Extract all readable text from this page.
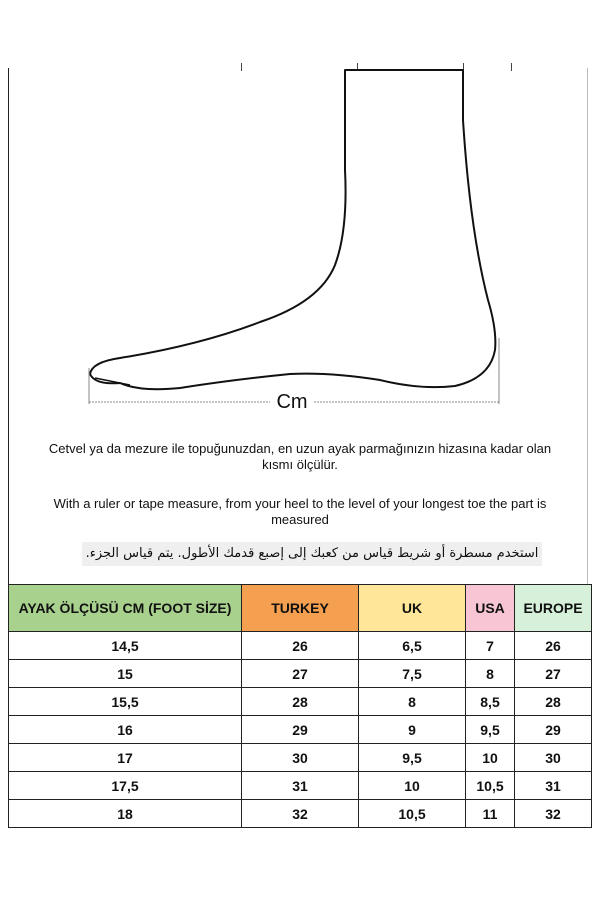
Cm
Cetvel ya da mezure ile topuğunuzdan, en uzun ayak parmağınızın hizasına kadar olan kısmı ölçülür.
With a ruler or tape measure, from your heel to the level of your longest toe the part is measured
استخدم مسطرة أو شريط قياس من كعبك إلى إصبع قدمك الأطول. يتم قياس الجزء.
AYAK ÖLÇÜSÜ CM (FOOT SİZE)	TURKEY	UK	USA	EUROPE
14,5	26	6,5	7	26
15	27	7,5	8	27
15,5	28	8	8,5	28
16	29	9	9,5	29
17	30	9,5	10	30
17,5	31	10	10,5	31
18	32	10,5	11	32
